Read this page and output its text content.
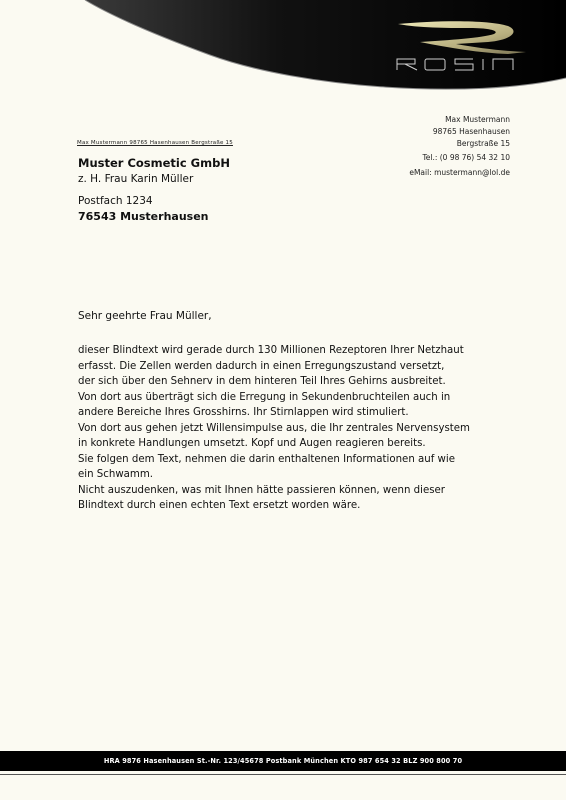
Max Mustermann 98765 Hasenhausen Bergstraße 15
Muster Cosmetic GmbH
z. H. Frau Karin Müller
Postfach 1234
76543 Musterhausen
Max Mustermann
98765 Hasenhausen
Bergstraße 15
Tel.: (0 98 76) 54 32 10
eMail: mustermann@lol.de
Sehr geehrte Frau Müller,

dieser Blindtext wird gerade durch 130 Millionen Rezeptoren Ihrer Netzhaut

erfasst. Die Zellen werden dadurch in einen Erregungszustand versetzt,

der sich über den Sehnerv in dem hinteren Teil Ihres Gehirns ausbreitet.

Von dort aus überträgt sich die Erregung in Sekundenbruchteilen auch in

andere Bereiche Ihres Grosshirns. Ihr Stirnlappen wird stimuliert.

Von dort aus gehen jetzt Willensimpulse aus, die Ihr zentrales Nervensystem

in konkrete Handlungen umsetzt. Kopf und Augen reagieren bereits.

Sie folgen dem Text, nehmen die darin enthaltenen Informationen auf wie

ein Schwamm.

Nicht auszudenken, was mit Ihnen hätte passieren können, wenn dieser

Blindtext durch einen echten Text ersetzt worden wäre.

HRA 9876 Hasenhausen St.-Nr. 123/45678 Postbank München KTO 987 654 32 BLZ 900 800 70
